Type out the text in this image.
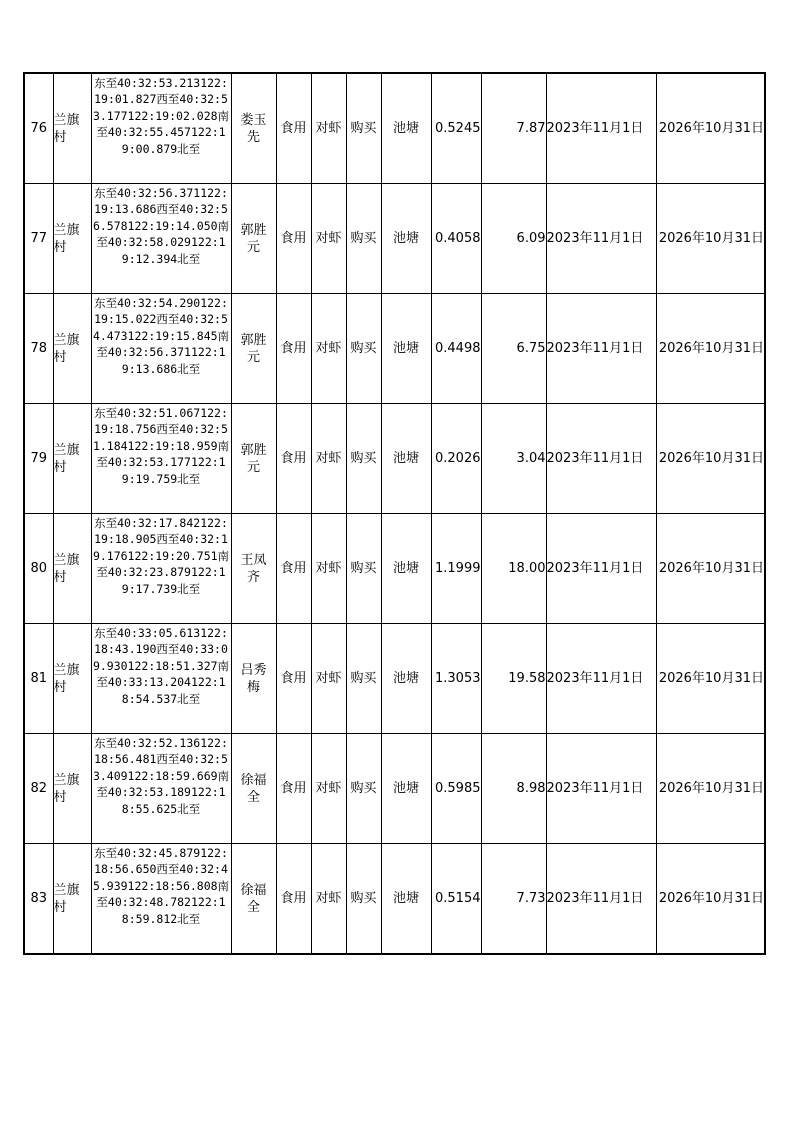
76	兰旗村	东至40:32:53.213122:19:01.827西至40:32:53.177122:19:02.028南至40:32:55.457122:19:00.879北至	娄玉先	食用	对虾	购买	池塘	0.5245	7.87	2023年11月1日	2026年10月31日
77	兰旗村	东至40:32:56.371122:19:13.686西至40:32:56.578122:19:14.050南至40:32:58.029122:19:12.394北至	郭胜元	食用	对虾	购买	池塘	0.4058	6.09	2023年11月1日	2026年10月31日
78	兰旗村	东至40:32:54.290122:19:15.022西至40:32:54.473122:19:15.845南至40:32:56.371122:19:13.686北至	郭胜元	食用	对虾	购买	池塘	0.4498	6.75	2023年11月1日	2026年10月31日
79	兰旗村	东至40:32:51.067122:19:18.756西至40:32:51.184122:19:18.959南至40:32:53.177122:19:19.759北至	郭胜元	食用	对虾	购买	池塘	0.2026	3.04	2023年11月1日	2026年10月31日
80	兰旗村	东至40:32:17.842122:19:18.905西至40:32:19.176122:19:20.751南至40:32:23.879122:19:17.739北至	王凤齐	食用	对虾	购买	池塘	1.1999	18.00	2023年11月1日	2026年10月31日
81	兰旗村	东至40:33:05.613122:18:43.190西至40:33:09.930122:18:51.327南至40:33:13.204122:18:54.537北至	吕秀梅	食用	对虾	购买	池塘	1.3053	19.58	2023年11月1日	2026年10月31日
82	兰旗村	东至40:32:52.136122:18:56.481西至40:32:53.409122:18:59.669南至40:32:53.189122:18:55.625北至	徐福全	食用	对虾	购买	池塘	0.5985	8.98	2023年11月1日	2026年10月31日
83	兰旗村	东至40:32:45.879122:18:56.650西至40:32:45.939122:18:56.808南至40:32:48.782122:18:59.812北至	徐福全	食用	对虾	购买	池塘	0.5154	7.73	2023年11月1日	2026年10月31日
